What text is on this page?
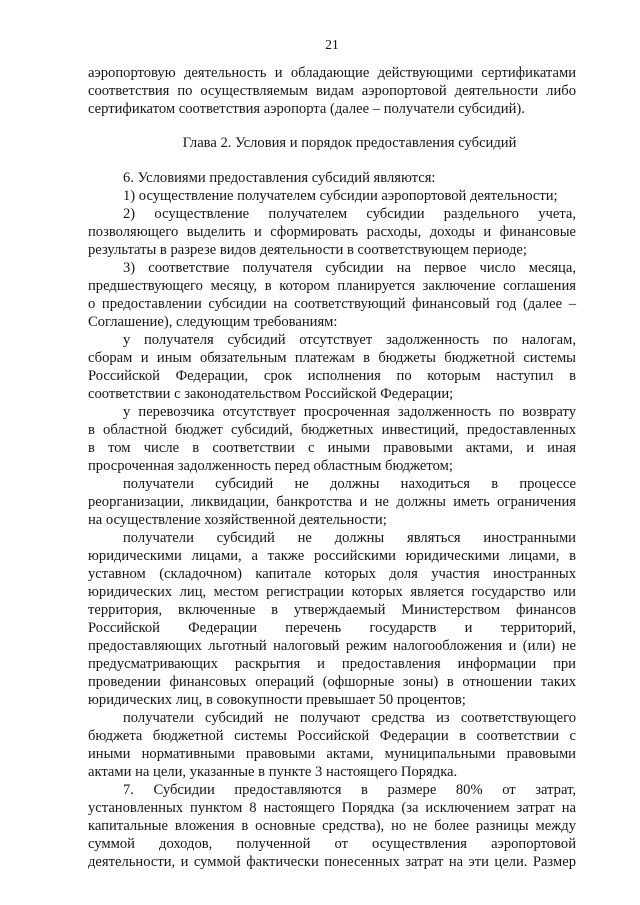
21
аэропортовую деятельность и обладающие действующими сертификатами
соответствия по осуществляемым видам аэропортовой деятельности либо
сертификатом соответствия аэропорта (далее – получатели субсидий).
Глава 2. Условия и порядок предоставления субсидий
6. Условиями предоставления субсидий являются:
1) осуществление получателем субсидии аэропортовой деятельности;
2) осуществление получателем субсидии раздельного учета,
позволяющего выделить и сформировать расходы, доходы и финансовые
результаты в разрезе видов деятельности в соответствующем периоде;
3) соответствие получателя субсидии на первое число месяца,
предшествующего месяцу, в котором планируется заключение соглашения
о предоставлении субсидии на соответствующий финансовый год (далее –
Соглашение), следующим требованиям:
у получателя субсидий отсутствует задолженность по налогам,
сборам и иным обязательным платежам в бюджеты бюджетной системы
Российской Федерации, срок исполнения по которым наступил в
соответствии с законодательством Российской Федерации;
у перевозчика отсутствует просроченная задолженность по возврату
в областной бюджет субсидий, бюджетных инвестиций, предоставленных
в том числе в соответствии с иными правовыми актами, и иная
просроченная задолженность перед областным бюджетом;
получатели субсидий не должны находиться в процессе
реорганизации, ликвидации, банкротства и не должны иметь ограничения
на осуществление хозяйственной деятельности;
получатели субсидий не должны являться иностранными
юридическими лицами, а также российскими юридическими лицами, в
уставном (складочном) капитале которых доля участия иностранных
юридических лиц, местом регистрации которых является государство или
территория, включенные в утверждаемый Министерством финансов
Российской Федерации перечень государств и территорий,
предоставляющих льготный налоговый режим налогообложения и (или) не
предусматривающих раскрытия и предоставления информации при
проведении финансовых операций (офшорные зоны) в отношении таких
юридических лиц, в совокупности превышает 50 процентов;
получатели субсидий не получают средства из соответствующего
бюджета бюджетной системы Российской Федерации в соответствии с
иными нормативными правовыми актами, муниципальными правовыми
актами на цели, указанные в пункте 3 настоящего Порядка.
7. Субсидии предоставляются в размере 80% от затрат,
установленных пунктом 8 настоящего Порядка (за исключением затрат на
капитальные вложения в основные средства), но не более разницы между
суммой доходов, полученной от осуществления аэропортовой
деятельности, и суммой фактически понесенных затрат на эти цели. Размер
